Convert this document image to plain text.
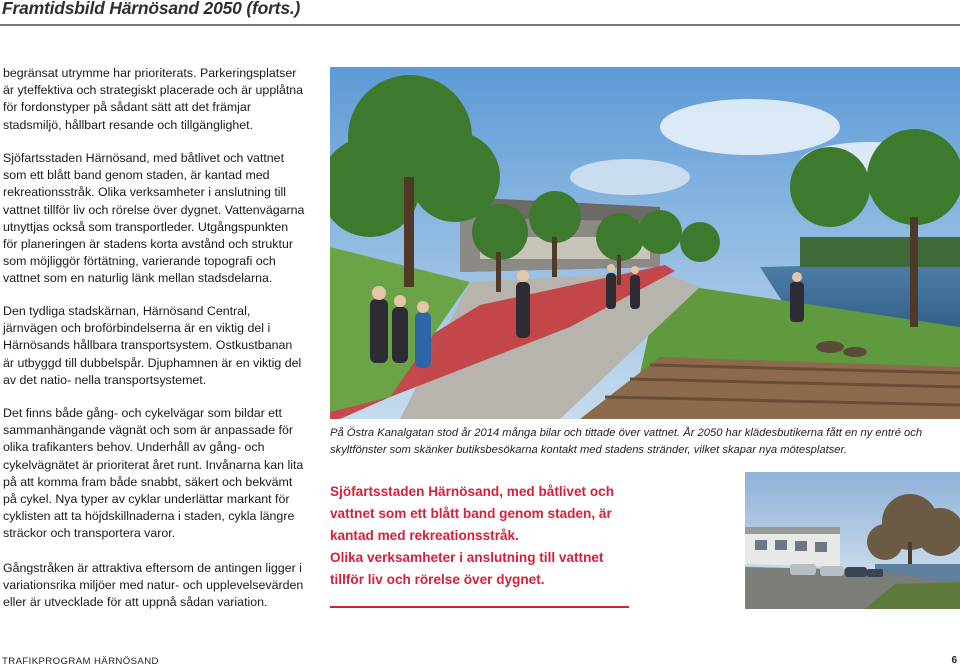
Framtidsbild Härnösand 2050 (forts.)

begränsat utrymme har prioriterats. Parkeringsplatser är yteffektiva och strategiskt placerade och är upplåtna för fordonstyper på sådant sätt att det främjar stadsmiljö, hållbart resande och tillgänglighet.

Sjöfartsstaden Härnösand, med båtlivet och vattnet som ett blått band genom staden, är kantad med rekreationsstråk. Olika verksamheter i anslutning till vattnet tillför liv och rörelse över dygnet. Vattenvägarna utnyttjas också som transportleder. Utgångspunkten för planeringen är stadens korta avstånd och struktur som möjliggör förtätning, varierande topografi och vattnet som en naturlig länk mellan stadsdelarna.

Den tydliga stadskärnan, Härnösand Central, järnvägen och broförbindelserna är en viktig del i Härnösands hållbara transportsystem. Ostkustbanan är utbyggd till dubbelspår. Djuphamnen är en viktig del av det natio- nella transportsystemet.

Det finns både gång- och cykelvägar som bildar ett sammanhängande vägnät och som är anpassade för olika trafikanters behov. Underhåll av gång- och cykelvägnätet är prioriterat året runt. Invånarna kan lita på att komma fram både snabbt, säkert och bekvämt på cykel. Nya typer av cyklar underlättar markant för cyklisten att ta höjdskillnaderna i staden, cykla längre sträckor och transportera varor.

Gångstråken är attraktiva eftersom de antingen ligger i variationsrika miljöer med natur- och upplevelsevärden eller är utvecklade för att uppnå sådan variation.

På Östra Kanalgatan stod år 2014 många bilar och tittade över vattnet. År 2050 har klädesbutikerna fått en ny entré och
skyltfönster som skänker butiksbesökarna kontakt med stadens stränder, vilket skapar nya mötesplatser.
Sjöfartsstaden Härnösand, med båtlivet och
vattnet som ett blått band genom staden, är
kantad med rekreationsstråk.
Olika verksamheter i anslutning till vattnet
tillför liv och rörelse över dygnet.
TRAFIKPROGRAM HÄRNÖSAND	6
